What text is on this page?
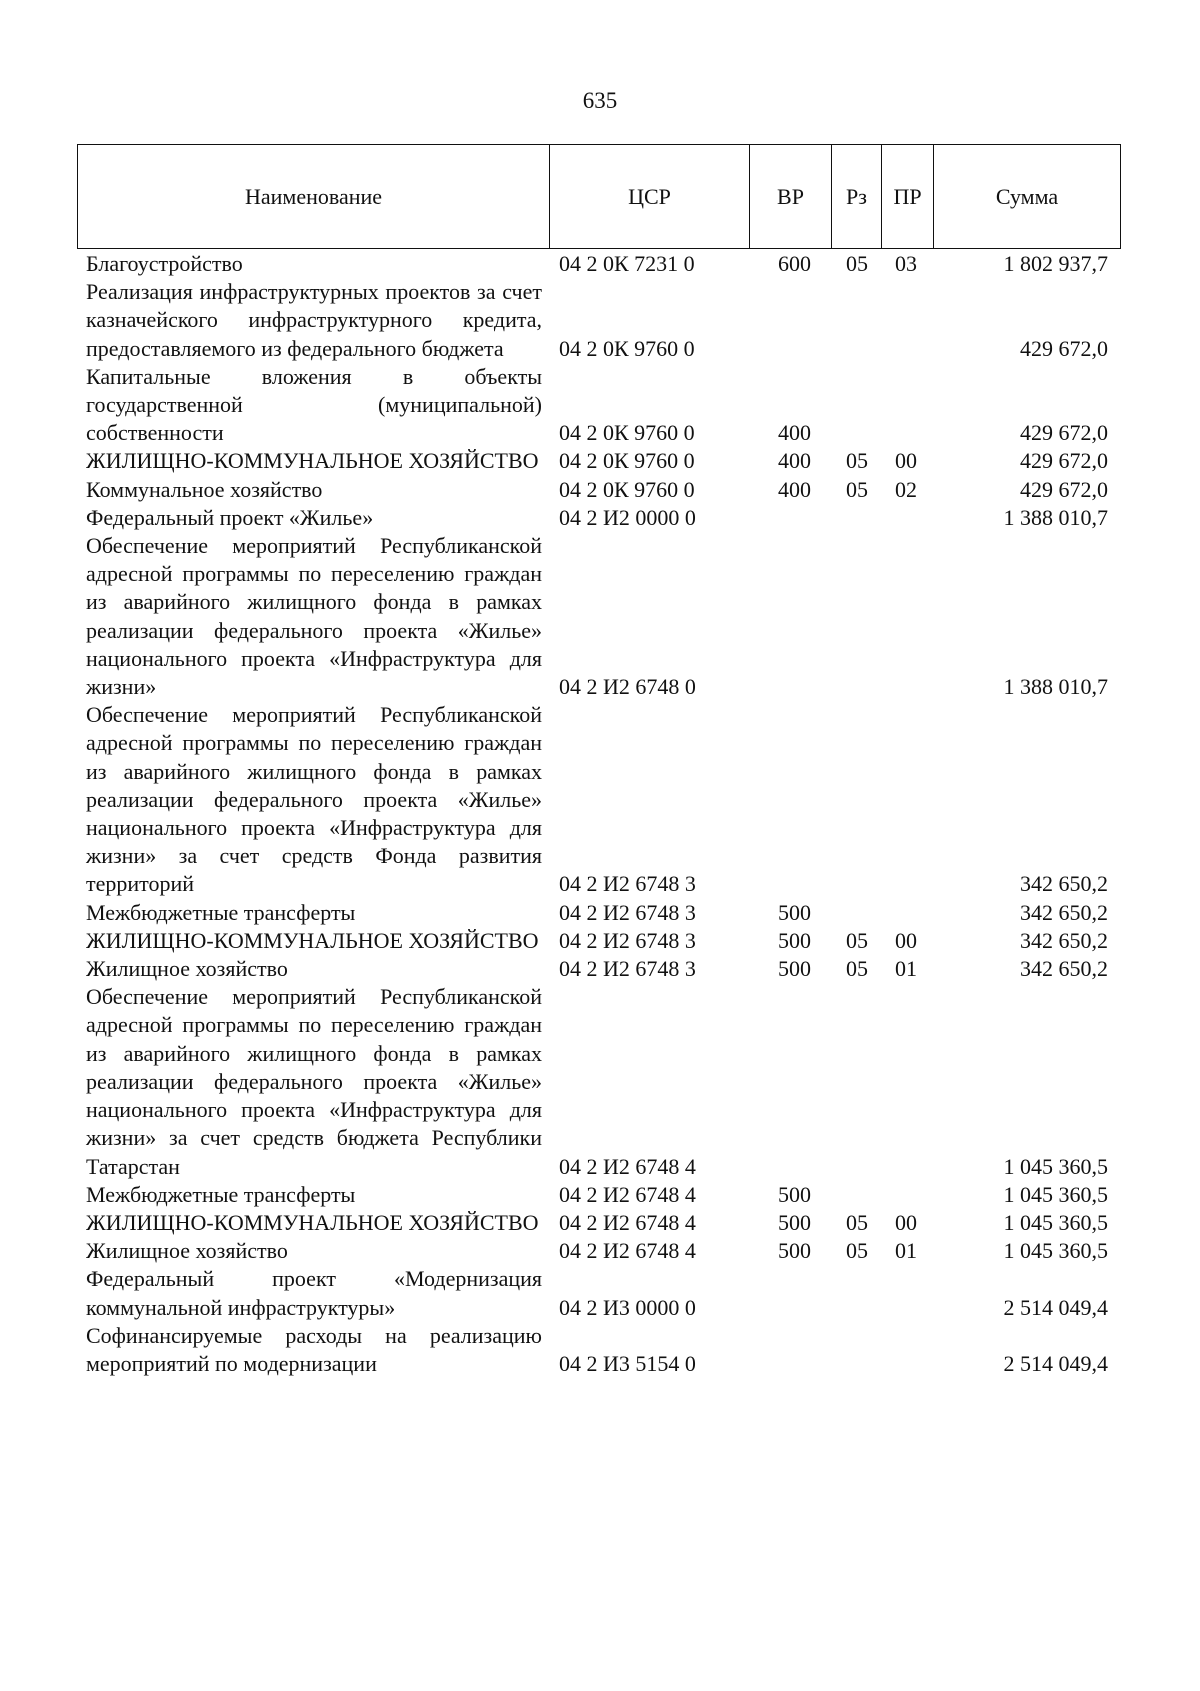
635
Наименование	ЦСР	ВР	Рз	ПР	Сумма
Благоустройство	04 2 0К 7231 0	600	05	03	1 802 937,7

Реализация инфраструктурных проектов за счет казначейского инфраструктурного кредита, предоставляемого из федерального бюджета	04 2 0К 9760 0				429 672,0

Капитальные вложения в объекты государственной (муниципальной) собственности	04 2 0К 9760 0	400			429 672,0

ЖИЛИЩНО-КОММУНАЛЬНОЕ ХОЗЯЙСТВО	04 2 0К 9760 0	400	05	00	429 672,0

Коммунальное хозяйство	04 2 0К 9760 0	400	05	02	429 672,0

Федеральный проект «Жилье»	04 2 И2 0000 0				1 388 010,7

Обеспечение мероприятий Республиканской адресной программы по переселению граждан из аварийного жилищного фонда в рамках реализации федерального проекта «Жилье» национального проекта «Инфраструктура для жизни»	04 2 И2 6748 0				1 388 010,7

Обеспечение мероприятий Республиканской адресной программы по переселению граждан из аварийного жилищного фонда в рамках реализации федерального проекта «Жилье» национального проекта «Инфраструктура для жизни» за счет средств Фонда развития территорий	04 2 И2 6748 3				342 650,2

Межбюджетные трансферты	04 2 И2 6748 3	500			342 650,2

ЖИЛИЩНО-КОММУНАЛЬНОЕ ХОЗЯЙСТВО	04 2 И2 6748 3	500	05	00	342 650,2

Жилищное хозяйство	04 2 И2 6748 3	500	05	01	342 650,2

Обеспечение мероприятий Республиканской адресной программы по переселению граждан из аварийного жилищного фонда в рамках реализации федерального проекта «Жилье» национального проекта «Инфраструктура для жизни» за счет средств бюджета Республики Татарстан	04 2 И2 6748 4				1 045 360,5

Межбюджетные трансферты	04 2 И2 6748 4	500			1 045 360,5

ЖИЛИЩНО-КОММУНАЛЬНОЕ ХОЗЯЙСТВО	04 2 И2 6748 4	500	05	00	1 045 360,5

Жилищное хозяйство	04 2 И2 6748 4	500	05	01	1 045 360,5

Федеральный проект «Модернизация коммунальной инфраструктуры»	04 2 И3 0000 0				2 514 049,4

Софинансируемые расходы на реализацию мероприятий по модернизации	04 2 И3 5154 0				2 514 049,4
